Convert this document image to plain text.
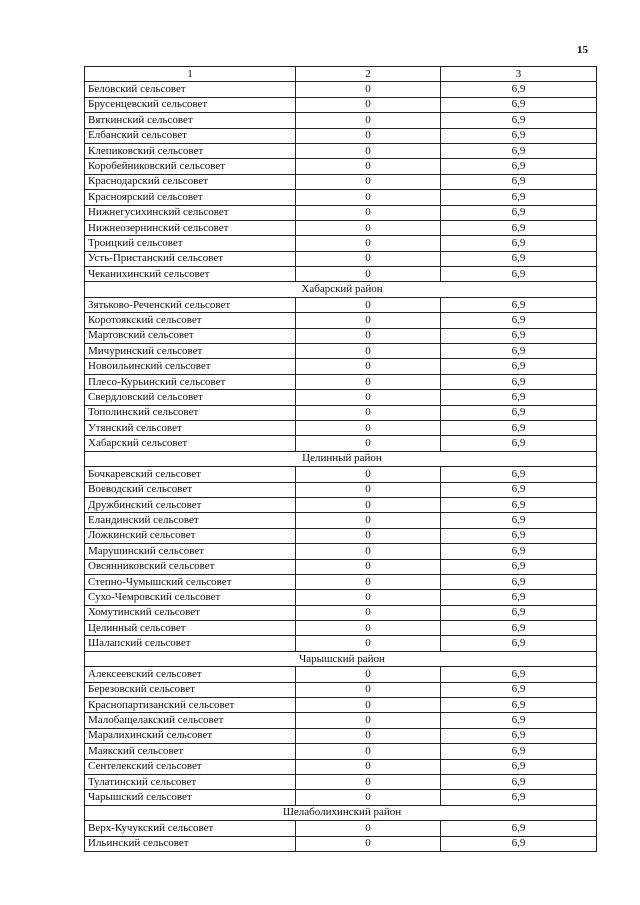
15
1	2	3
Беловский сельсовет	0	6,9
Брусенцевский сельсовет	0	6,9
Вяткинский сельсовет	0	6,9
Елбанский сельсовет	0	6,9
Клепиковский сельсовет	0	6,9
Коробейниковский сельсовет	0	6,9
Краснодарский сельсовет	0	6,9
Красноярский сельсовет	0	6,9
Нижнегусихинский сельсовет	0	6,9
Нижнеозернинский сельсовет	0	6,9
Троицкий сельсовет	0	6,9
Усть-Пристанский сельсовет	0	6,9
Чеканихинский сельсовет	0	6,9
Хабарский район		
Зятьково-Реченский сельсовет	0	6,9
Коротоякский сельсовет	0	6,9
Мартовский сельсовет	0	6,9
Мичуринский сельсовет	0	6,9
Новоильинский сельсовет	0	6,9
Плесо-Курьинский сельсовет	0	6,9
Свердловский сельсовет	0	6,9
Тополинский сельсовет	0	6,9
Утянский сельсовет	0	6,9
Хабарский сельсовет	0	6,9
Целинный район		
Бочкаревский сельсовет	0	6,9
Воеводский сельсовет	0	6,9
Дружбинский сельсовет	0	6,9
Еландинский сельсовет	0	6,9
Ложкинский сельсовет	0	6,9
Марушинский сельсовет	0	6,9
Овсянниковский сельсовет	0	6,9
Степно-Чумышский сельсовет	0	6,9
Сухо-Чемровский сельсовет	0	6,9
Хомутинский сельсовет	0	6,9
Целинный сельсовет	0	6,9
Шалапский сельсовет	0	6,9
Чарышский район		
Алексеевский сельсовет	0	6,9
Березовский сельсовет	0	6,9
Краснопартизанский сельсовет	0	6,9
Малобащелакский сельсовет	0	6,9
Маралихинский сельсовет	0	6,9
Маякский сельсовет	0	6,9
Сентелекский сельсовет	0	6,9
Тулатинский сельсовет	0	6,9
Чарышский сельсовет	0	6,9
Шелаболихинский район		
Верх-Кучукский сельсовет	0	6,9
Ильинский сельсовет	0	6,9
